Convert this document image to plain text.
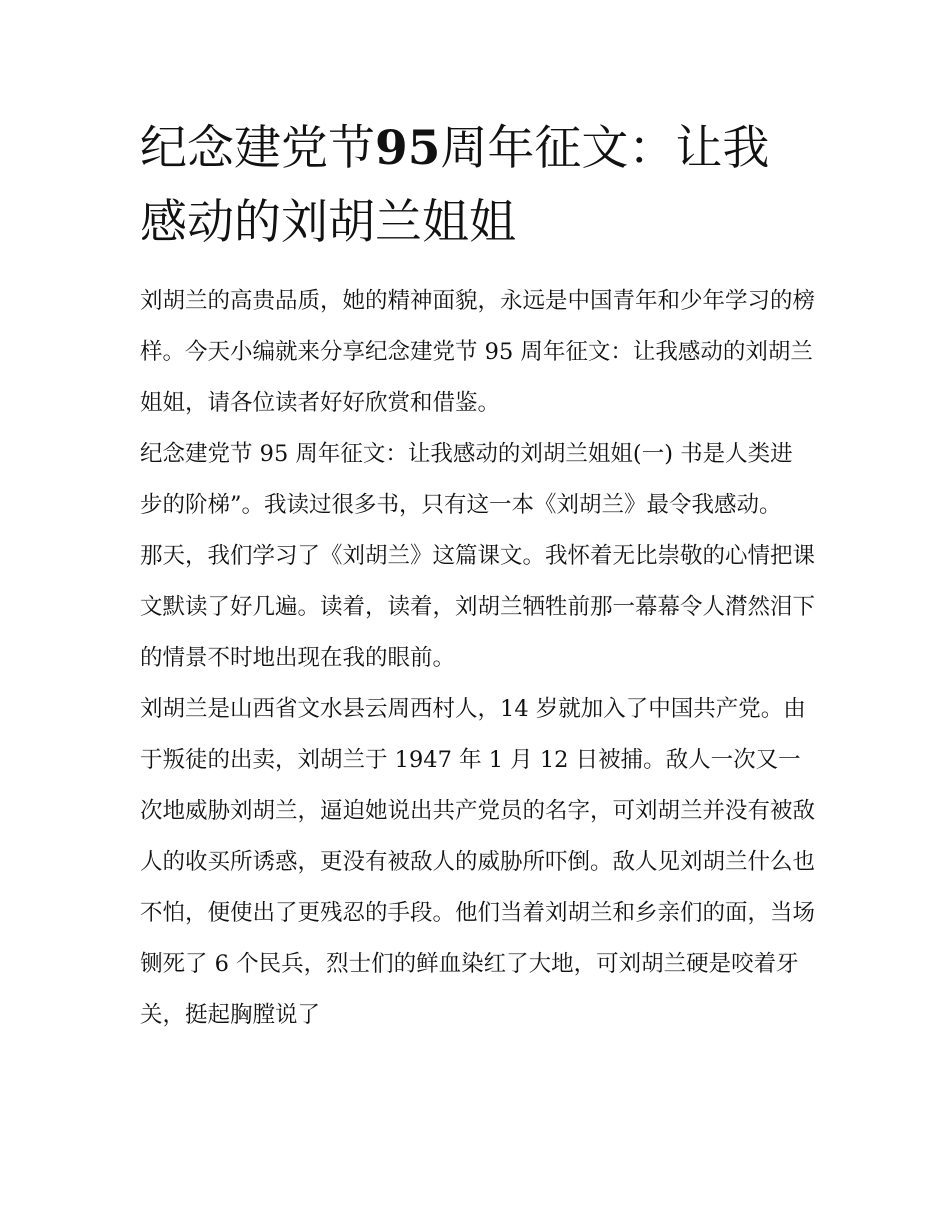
纪念建党节95周年征文：让我感动的刘胡兰姐姐

刘胡兰的高贵品质，她的精神面貌，永远是中国青年和少年学习的榜样。今天小编就来分享纪念建党节 95 周年征文：让我感动的刘胡兰姐姐，请各位读者好好欣赏和借鉴。

纪念建党节 95 周年征文：让我感动的刘胡兰姐姐(一) 书是人类进步的阶梯”。我读过很多书，只有这一本《刘胡兰》最令我感动。

那天，我们学习了《刘胡兰》这篇课文。我怀着无比崇敬的心情把课文默读了好几遍。读着，读着，刘胡兰牺牲前那一幕幕令人潸然泪下的情景不时地出现在我的眼前。

刘胡兰是山西省文水县云周西村人，14 岁就加入了中国共产党。由于叛徒的出卖，刘胡兰于 1947 年 1 月 12 日被捕。敌人一次又一次地威胁刘胡兰，逼迫她说出共产党员的名字，可刘胡兰并没有被敌人的收买所诱惑，更没有被敌人的威胁所吓倒。敌人见刘胡兰什么也不怕，便使出了更残忍的手段。他们当着刘胡兰和乡亲们的面，当场铡死了 6 个民兵，烈士们的鲜血染红了大地，可刘胡兰硬是咬着牙关，挺起胸膛说了
